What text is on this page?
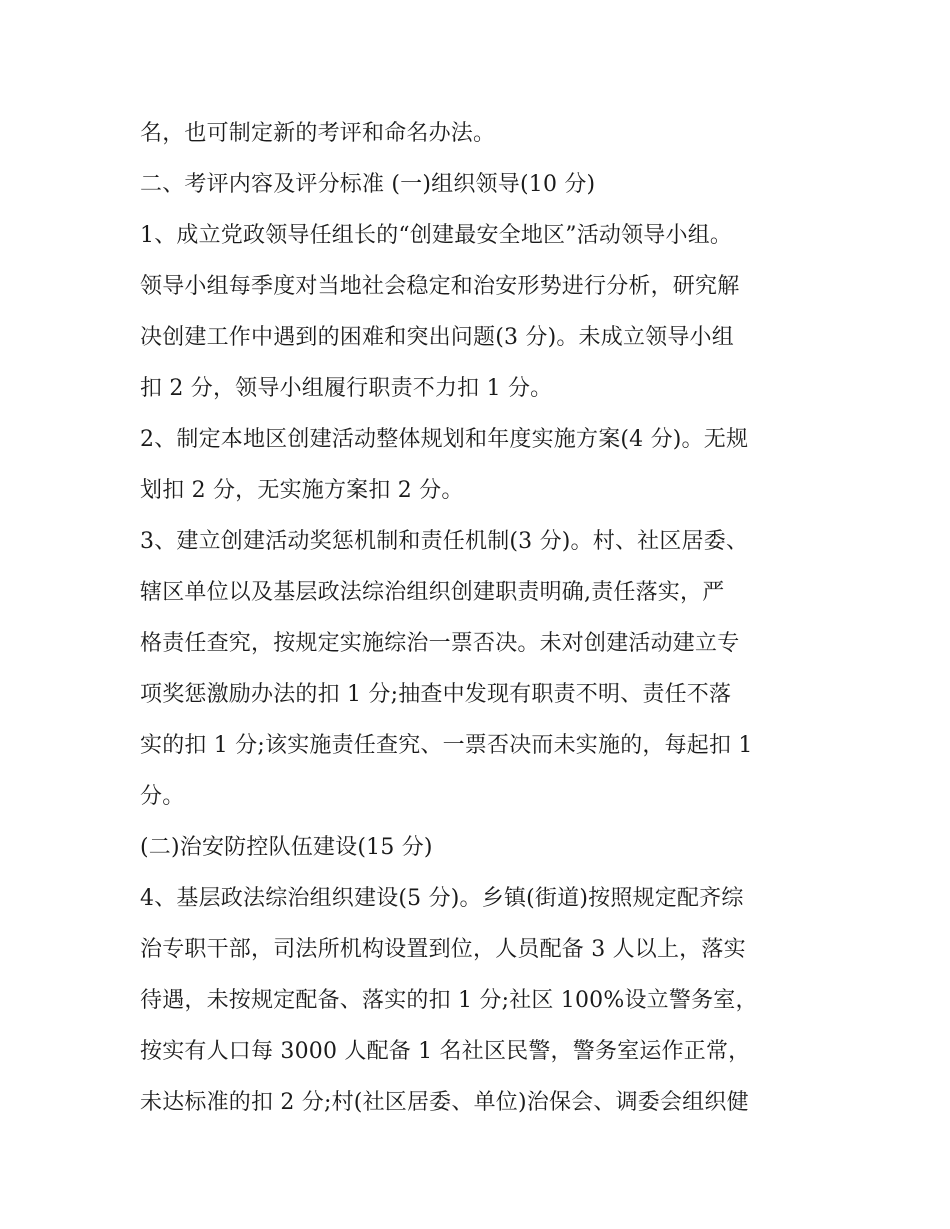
名，也可制定新的考评和命名办法。
二、考评内容及评分标准 (一)组织领导(10 分)
1、成立党政领导任组长的“创建最安全地区”活动领导小组。
领导小组每季度对当地社会稳定和治安形势进行分析，研究解
决创建工作中遇到的困难和突出问题(3 分)。未成立领导小组
扣 2 分，领导小组履行职责不力扣 1 分。
2、制定本地区创建活动整体规划和年度实施方案(4 分)。无规
划扣 2 分，无实施方案扣 2 分。
3、建立创建活动奖惩机制和责任机制(3 分)。村、社区居委、
辖区单位以及基层政法综治组织创建职责明确,责任落实，严
格责任查究，按规定实施综治一票否决。未对创建活动建立专
项奖惩激励办法的扣 1 分;抽查中发现有职责不明、责任不落
实的扣 1 分;该实施责任查究、一票否决而未实施的，每起扣 1
分。
(二)治安防控队伍建设(15 分)
4、基层政法综治组织建设(5 分)。乡镇(街道)按照规定配齐综
治专职干部，司法所机构设置到位，人员配备 3 人以上，落实
待遇，未按规定配备、落实的扣 1 分;社区 100%设立警务室，
按实有人口每 3000 人配备 1 名社区民警，警务室运作正常，
未达标准的扣 2 分;村(社区居委、单位)治保会、调委会组织健
